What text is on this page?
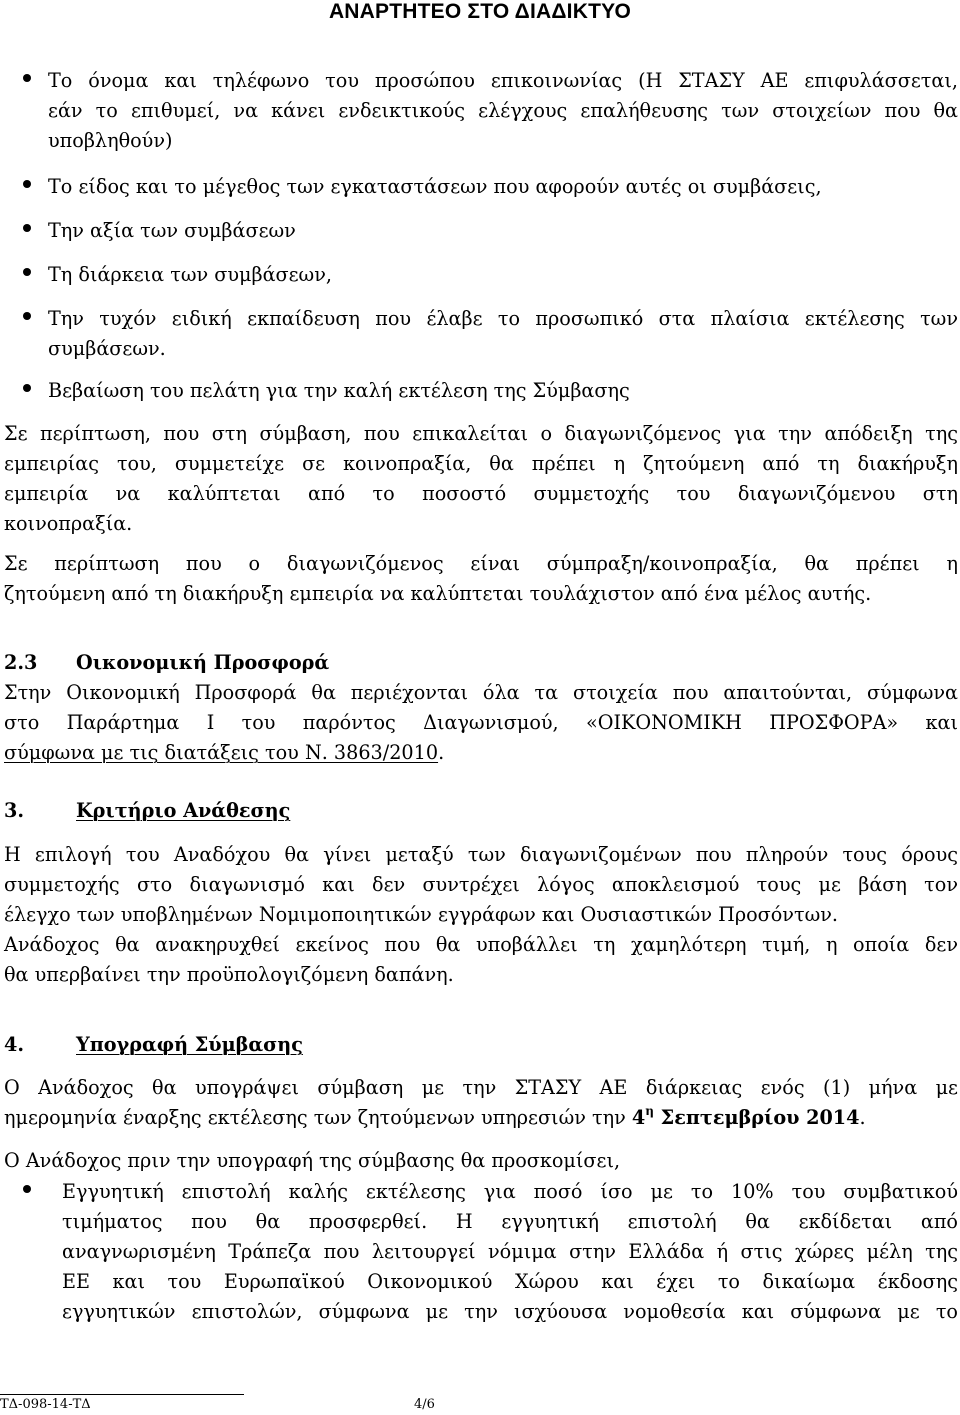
ΑΝΑΡΤΗΤΕΟ ΣΤΟ ΔΙΑΔΙΚΤΥΟ
Το όνομα και τηλέφωνο του προσώπου επικοινωνίας (Η ΣΤΑΣΥ ΑΕ επιφυλάσσεται,
εάν το επιθυμεί, να κάνει ενδεικτικούς ελέγχους επαλήθευσης των στοιχείων που θα
υποβληθούν)
Το είδος και το μέγεθος των εγκαταστάσεων που αφορούν αυτές οι συμβάσεις,
Την αξία των συμβάσεων
Τη διάρκεια των συμβάσεων,
Την τυχόν ειδική εκπαίδευση που έλαβε το προσωπικό στα πλαίσια εκτέλεσης των
συμβάσεων.
Βεβαίωση του πελάτη για την καλή εκτέλεση της Σύμβασης
Σε περίπτωση, που στη σύμβαση, που επικαλείται ο διαγωνιζόμενος για την απόδειξη της
εμπειρίας του, συμμετείχε σε κοινοπραξία, θα πρέπει η ζητούμενη από τη διακήρυξη
εμπειρία να καλύπτεται από το ποσοστό συμμετοχής του διαγωνιζόμενου στη
κοινοπραξία.
Σε περίπτωση που ο διαγωνιζόμενος είναι σύμπραξη/κοινοπραξία, θα πρέπει η
ζητούμενη από τη διακήρυξη εμπειρία να καλύπτεται τουλάχιστον από ένα μέλος αυτής.
2.3 Οικονομική Προσφορά
Στην Οικονομική Προσφορά θα περιέχονται όλα τα στοιχεία που απαιτούνται, σύμφωνα
στο Παράρτημα Ι του παρόντος Διαγωνισμού, «ΟΙΚΟΝΟΜΙΚΗ ΠΡΟΣΦΟΡΑ» και
σύμφωνα με τις διατάξεις του Ν. 3863/2010.
3.	Κριτήριο Ανάθεσης
Η επιλογή του Αναδόχου θα γίνει μεταξύ των διαγωνιζομένων που πληρούν τους όρους
συμμετοχής στο διαγωνισμό και δεν συντρέχει λόγος αποκλεισμού τους με βάση τον
έλεγχο των υποβλημένων Νομιμοποιητικών εγγράφων και Ουσιαστικών Προσόντων.
Ανάδοχος θα ανακηρυχθεί εκείνος που θα υποβάλλει τη χαμηλότερη τιμή, η οποία δεν
θα υπερβαίνει την προϋπολογιζόμενη δαπάνη.
4.	Υπογραφή Σύμβασης
Ο Ανάδοχος θα υπογράψει σύμβαση με την ΣΤΑΣΥ ΑΕ διάρκειας ενός (1) μήνα με
ημερομηνία έναρξης εκτέλεσης των ζητούμενων υπηρεσιών την $4^\eta$ Σεπτεμβρίου 2014.
Ο Ανάδοχος πριν την υπογραφή της σύμβασης θα προσκομίσει,
Εγγυητική επιστολή καλής εκτέλεσης για ποσό ίσο με το 10% του συμβατικού
τιμήματος που θα προσφερθεί. Η εγγυητική επιστολή θα εκδίδεται από
αναγνωρισμένη Τράπεζα που λειτουργεί νόμιμα στην Ελλάδα ή στις χώρες μέλη της
ΕΕ και του Ευρωπαϊκού Οικονομικού Χώρου και έχει το δικαίωμα έκδοσης
εγγυητικών επιστολών, σύμφωνα με την ισχύουσα νομοθεσία και σύμφωνα με το
ΤΔ-098-14-ΤΔ	4/6
